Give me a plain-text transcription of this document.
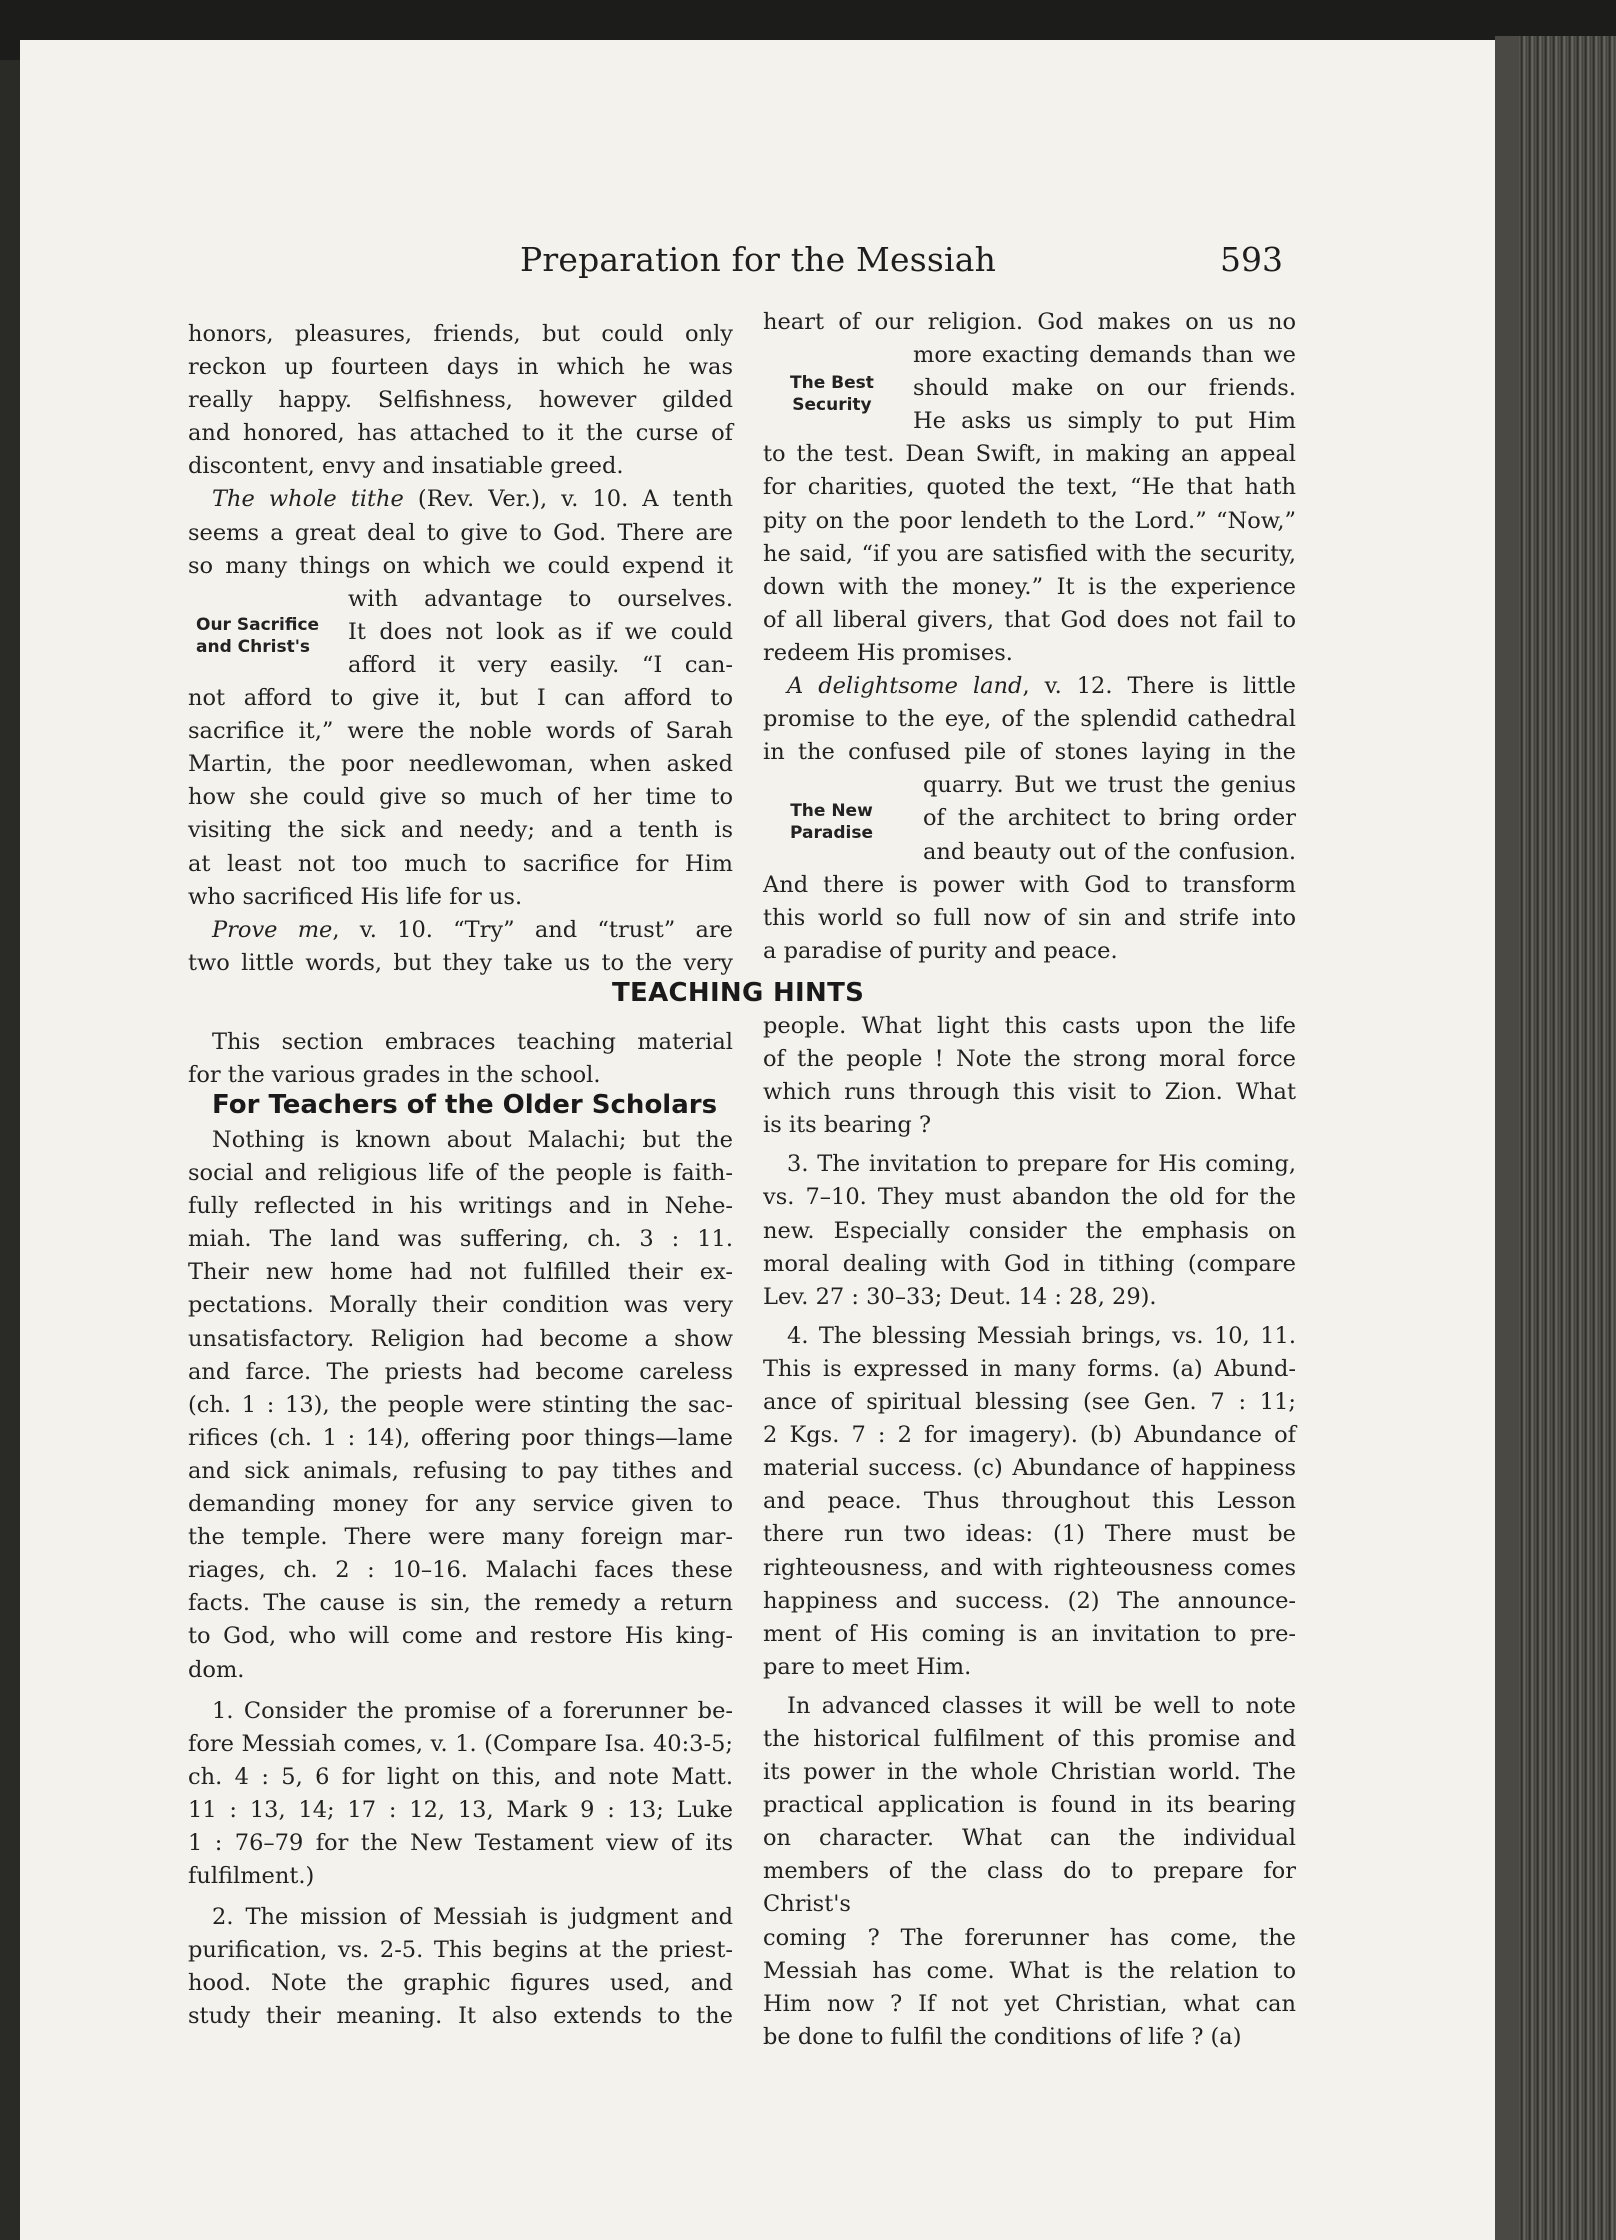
Preparation for the Messiah	593

honors, pleasures, friends, but could only

reckon up fourteen days in which he was

really happy. Selfishness, however gilded

and honored, has attached to it the curse of

discontent, envy and insatiable greed.

The whole tithe (Rev. Ver.), v. 10. A tenth

seems a great deal to give to God. There are

so many things on which we could expend it

with advantage to ourselves.

It does not look as if we could

afford it very easily. “I can-

not afford to give it, but I can afford to

sacrifice it,” were the noble words of Sarah

Martin, the poor needlewoman, when asked

how she could give so much of her time to

visiting the sick and needy; and a tenth is

at least not too much to sacrifice for Him

who sacrificed His life for us.

Prove me, v. 10. “Try” and “trust” are

two little words, but they take us to the very

Our Sacrifice
and Christ's

heart of our religion. God makes on us no

more exacting demands than we

should make on our friends.

He asks us simply to put Him

to the test. Dean Swift, in making an appeal

for charities, quoted the text, “He that hath

pity on the poor lendeth to the Lord.” “Now,”

he said, “if you are satisfied with the security,

down with the money.” It is the experience

of all liberal givers, that God does not fail to

redeem His promises.

A delightsome land, v. 12. There is little

promise to the eye, of the splendid cathedral

in the confused pile of stones laying in the

quarry. But we trust the genius

of the architect to bring order

and beauty out of the confusion.

And there is power with God to transform

this world so full now of sin and strife into

a paradise of purity and peace.

The Best
Security
The New
Paradise
TEACHING HINTS

This section embraces teaching material

for the various grades in the school.

For Teachers of the Older Scholars

Nothing is known about Malachi; but the

social and religious life of the people is faith-

fully reflected in his writings and in Nehe-

miah. The land was suffering, ch. 3 : 11.

Their new home had not fulfilled their ex-

pectations. Morally their condition was very

unsatisfactory. Religion had become a show

and farce. The priests had become careless

(ch. 1 : 13), the people were stinting the sac-

rifices (ch. 1 : 14), offering poor things—lame

and sick animals, refusing to pay tithes and

demanding money for any service given to

the temple. There were many foreign mar-

riages, ch. 2 : 10–16. Malachi faces these

facts. The cause is sin, the remedy a return

to God, who will come and restore His king-

dom.

1. Consider the promise of a forerunner be-

fore Messiah comes, v. 1. (Compare Isa. 40:3-5;

ch. 4 : 5, 6 for light on this, and note Matt.

11 : 13, 14; 17 : 12, 13, Mark 9 : 13; Luke

1 : 76–79 for the New Testament view of its

fulfilment.)

2. The mission of Messiah is judgment and

purification, vs. 2-5. This begins at the priest-

hood. Note the graphic figures used, and

study their meaning. It also extends to the

people. What light this casts upon the life

of the people ! Note the strong moral force

which runs through this visit to Zion. What

is its bearing ?

3. The invitation to prepare for His coming,

vs. 7–10. They must abandon the old for the

new. Especially consider the emphasis on

moral dealing with God in tithing (compare

Lev. 27 : 30–33; Deut. 14 : 28, 29).

4. The blessing Messiah brings, vs. 10, 11.

This is expressed in many forms. (a) Abund-

ance of spiritual blessing (see Gen. 7 : 11;

2 Kgs. 7 : 2 for imagery). (b) Abundance of

material success. (c) Abundance of happiness

and peace. Thus throughout this Lesson

there run two ideas: (1) There must be

righteousness, and with righteousness comes

happiness and success. (2) The announce-

ment of His coming is an invitation to pre-

pare to meet Him.

In advanced classes it will be well to note

the historical fulfilment of this promise and

its power in the whole Christian world. The

practical application is found in its bearing

on character. What can the individual

members of the class do to prepare for Christ's

coming ? The forerunner has come, the

Messiah has come. What is the relation to

Him now ? If not yet Christian, what can

be done to fulfil the conditions of life ? (a)
